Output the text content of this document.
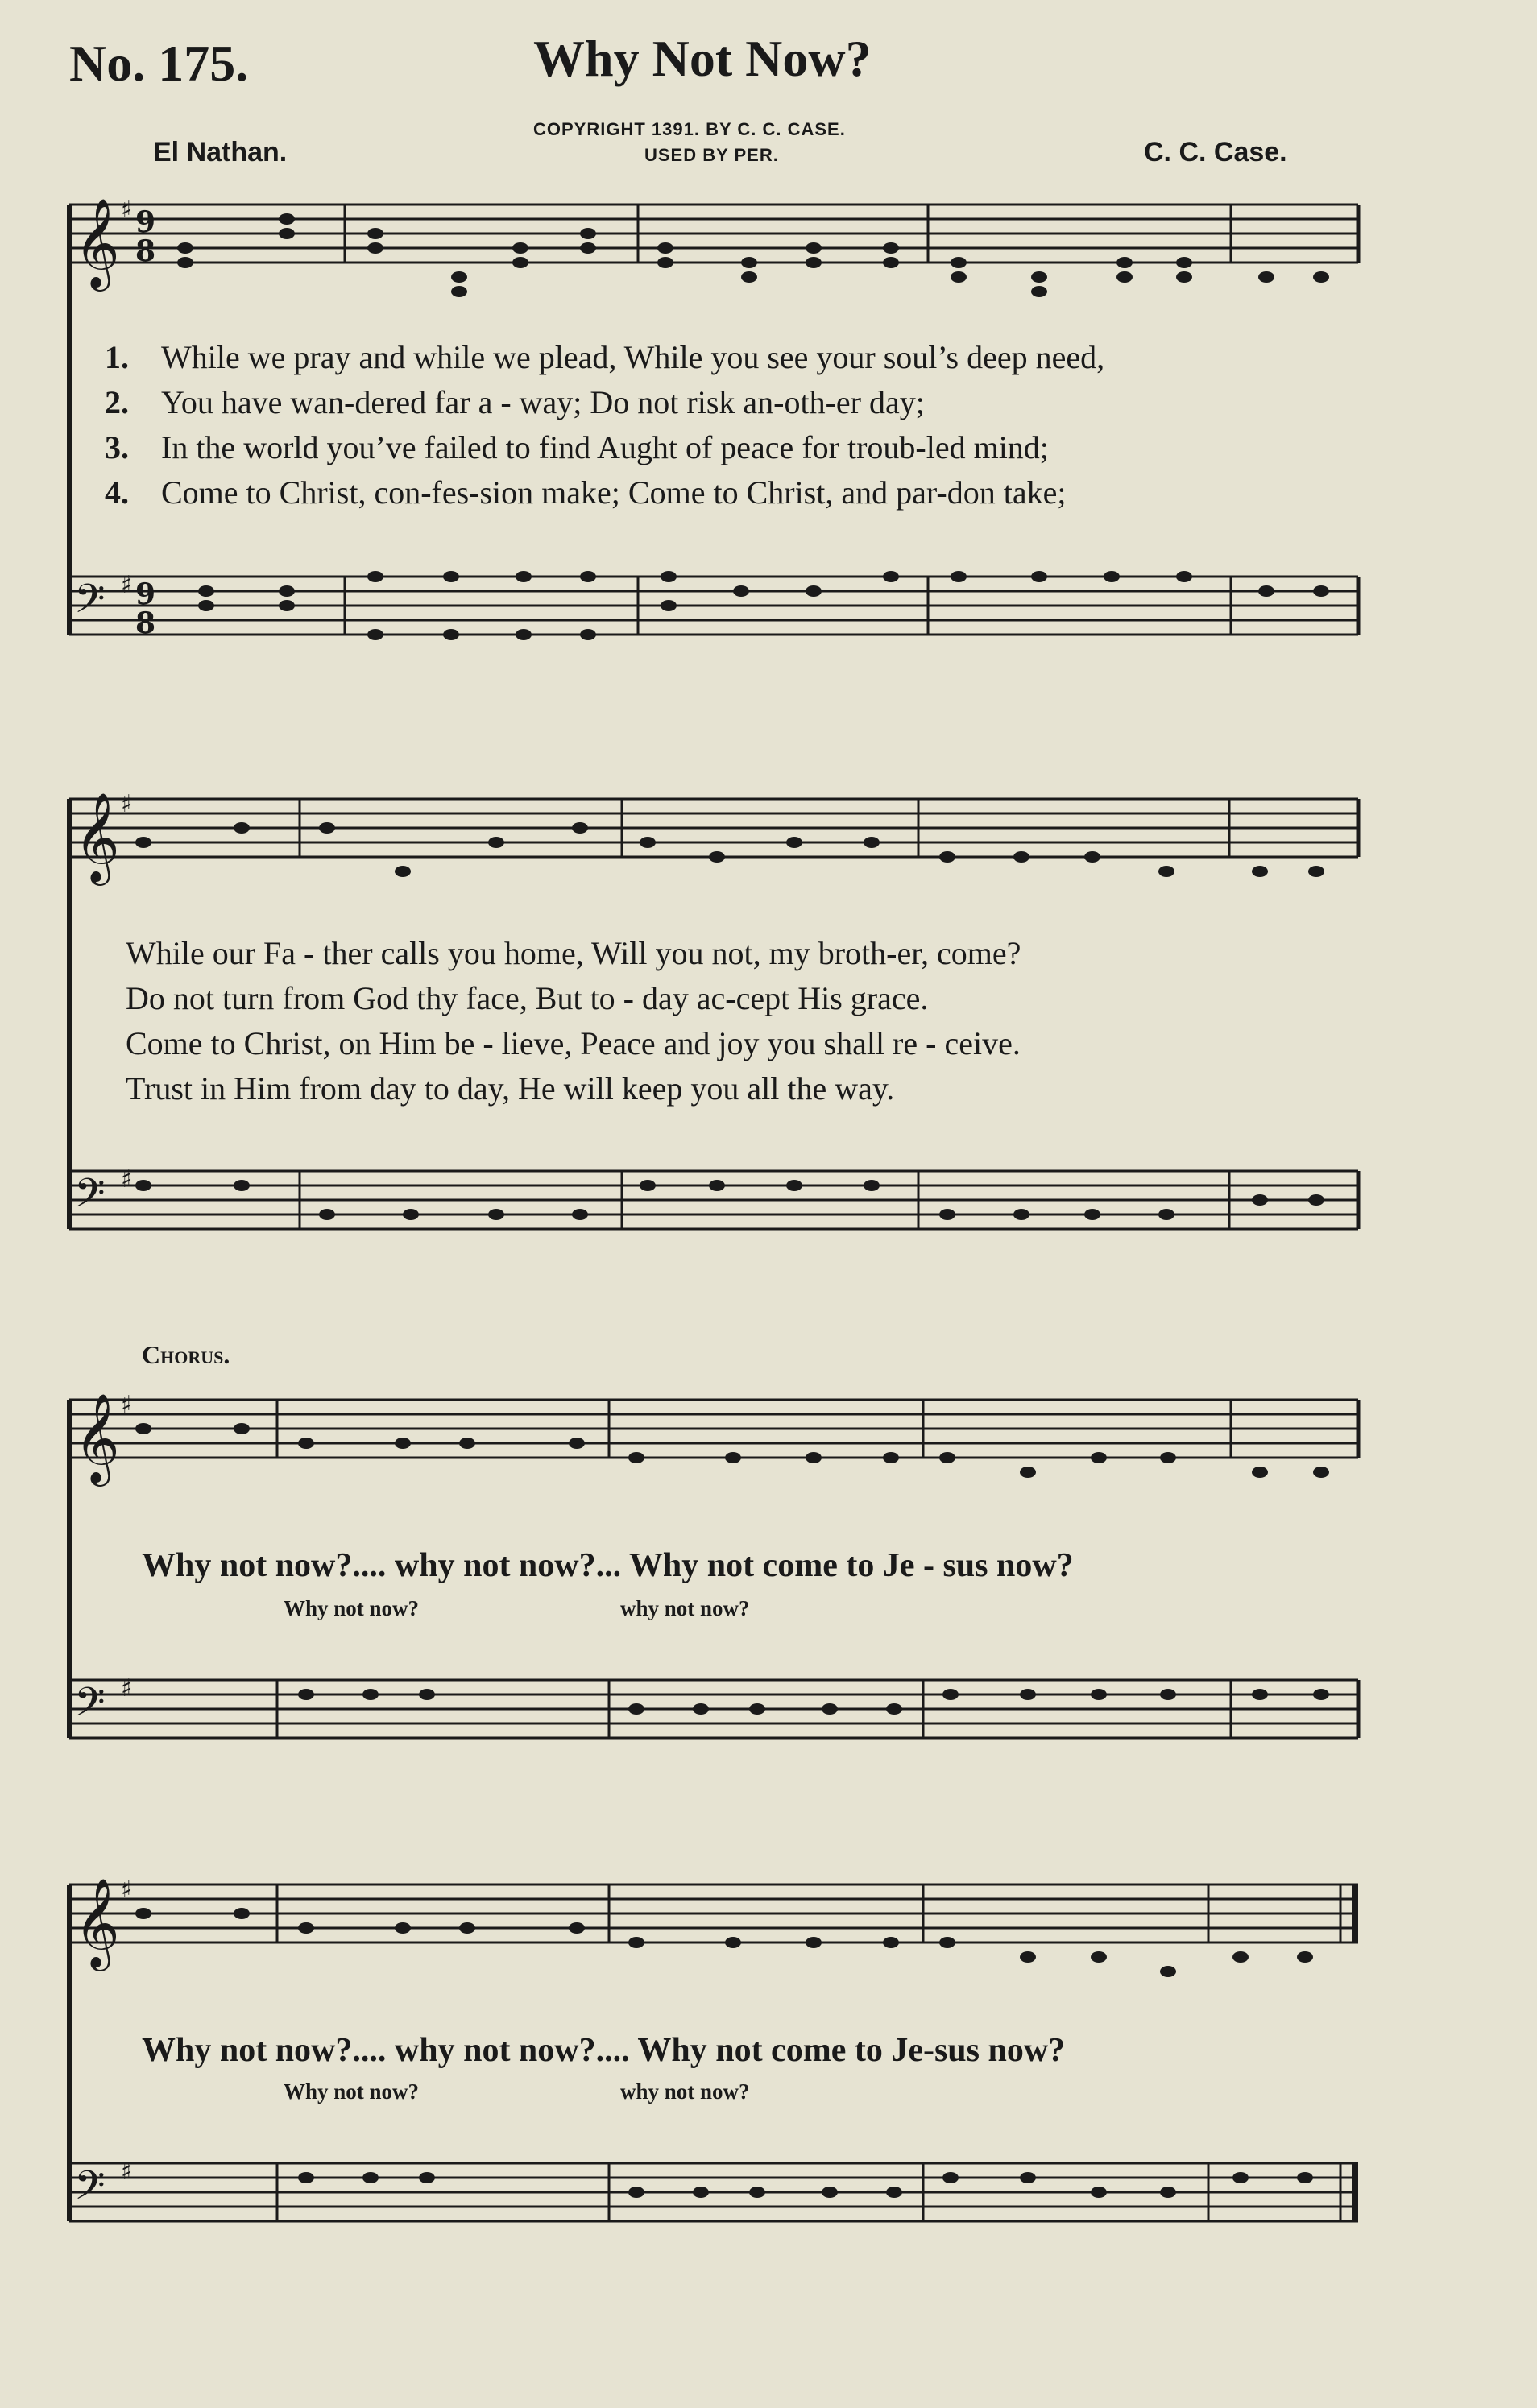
No. 175.	Why Not Now?
COPYRIGHT 1391. BY C. C. CASE.
USED BY PER.
El Nathan.	C. C. Case.
𝄞
𝄢
𝄞
𝄢
𝄞
𝄢
𝄞
𝄢
♯
♯
♯
♯
♯
♯
♯
♯
9
8
9
8
1. While we pray and while we plead, While you see your soul’s deep need,
2. You have wan-dered far a - way; Do not risk an-oth-er day;
3. In the world you’ve failed to find Aught of peace for troub-led mind;
4. Come to Christ, con-fes-sion make; Come to Christ, and par-don take;
While our Fa - ther calls you home, Will you not, my broth-er, come?
Do not turn from God thy face, But to - day ac-cept His grace.
Come to Christ, on Him be - lieve, Peace and joy you shall re - ceive.
Trust in Him from day to day, He will keep you all the way.
Chorus.
Why not now?.... why not now?... Why not come to Je - sus now?
Why not now?	why not now?
Why not now?.... why not now?.... Why not come to Je-sus now?
Why not now?	why not now?
